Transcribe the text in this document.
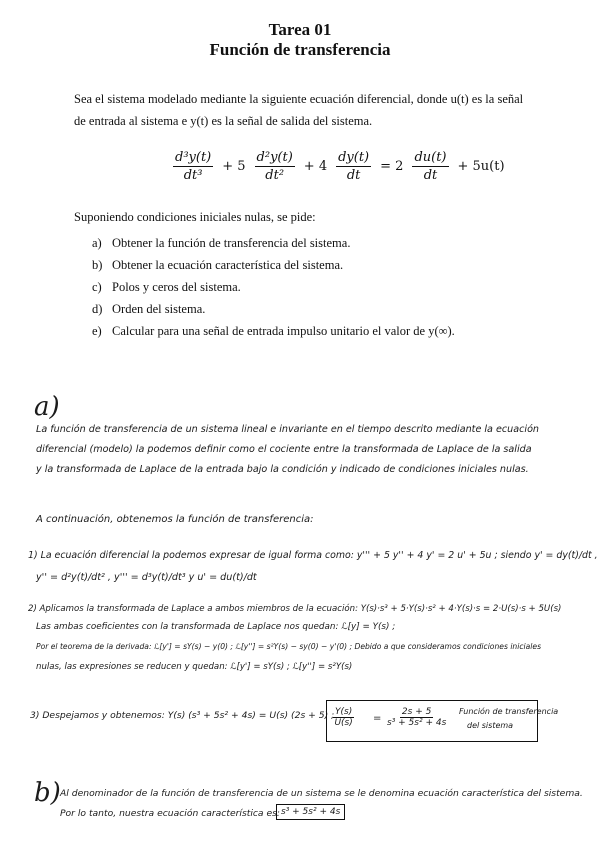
Tarea 01
Función de transferencia
Sea el sistema modelado mediante la siguiente ecuación diferencial, donde u(t) es la señal
de entrada al sistema e y(t) es la señal de salida del sistema.
$\frac{\text{d³y(t)}}{\text{dt³}} + 5 \frac{\text{d²y(t)}}{\text{dt²}} + 4 \frac{dy(t)}{dt} = 2 \frac{du(t)}{dt} + 5u(t)$
Suponiendo condiciones iniciales nulas, se pide:
a) Obtener la función de transferencia del sistema.
b) Obtener la ecuación característica del sistema.
c) Polos y ceros del sistema.
d) Orden del sistema.
e) Calcular para una señal de entrada impulso unitario el valor de y(∞).
a)
La función de transferencia de un sistema lineal e invariante en el tiempo descrito mediante la ecuación
diferencial (modelo) la podemos definir como el cociente entre la transformada de Laplace de la salida
y la transformada de Laplace de la entrada bajo la condición y indicado de condiciones iniciales nulas.
A continuación, obtenemos la función de transferencia:
1) La ecuación diferencial la podemos expresar de igual forma como: y''' + 5 y'' + 4 y' = 2 u' + 5u ; siendo y' = dy(t)/dt ,
y'' = d²y(t)/dt² , y''' = d³y(t)/dt³ y u' = du(t)/dt
2) Aplicamos la transformada de Laplace a ambos miembros de la ecuación: Y(s)·s³ + 5·Y(s)·s² + 4·Y(s)·s = 2·U(s)·s + 5U(s)
Las ambas coeficientes con la transformada de Laplace nos quedan: ℒ[y] = Y(s) ;
Por el teorema de la derivada: ℒ[y'] = sY(s) − y(0) ; ℒ[y''] = s²Y(s) − sy(0) − y'(0) ; Debido a que consideramos condiciones iniciales
nulas, las expresiones se reducen y quedan: ℒ[y'] = sY(s) ; ℒ[y''] = s²Y(s)
3) Despejamos y obtenemos: Y(s) (s³ + 5s² + 4s) = U(s) (2s + 5) ;
$\frac{Y(s)}{U(s)} = \frac{2s + 5}{\text{s³ + 5s² + 4s}}$ Función de transferencia
del sistema
b) Al denominador de la función de transferencia de un sistema se le denomina ecuación característica del sistema.
Por lo tanto, nuestra ecuación característica es: s³ + 5s² + 4s
